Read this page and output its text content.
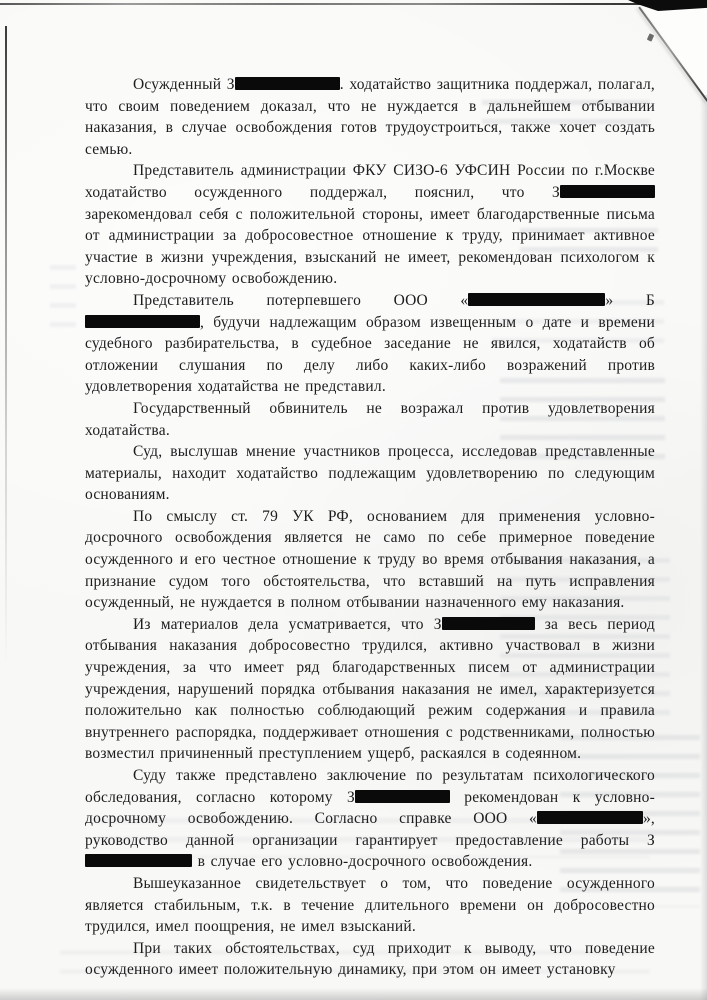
Осужденный З	. ходатайство защитника поддержал, полагал, что своим поведением доказал, что не нуждается в дальнейшем отбывании наказания, в случае освобождения готов трудоустроиться, также хочет создать семью.

Представитель администрации ФКУ СИЗО-6 УФСИН России по г.Москве ходатайство осужденного поддержал, пояснил, что З зарекомендовал себя с положительной стороны, имеет благодарственные письма от администрации за добросовестное отношение к труду, принимает активное участие в жизни учреждения, взысканий не имеет, рекомендован психологом к условно-досрочному освобождению.

Представитель потерпевшего ООО «	» Б, будучи надлежащим образом извещенным о дате и времени судебного разбирательства, в судебное заседание не явился, ходатайств об отложении слушания по делу либо каких-либо возражений против удовлетворения ходатайства не представил.

Государственный обвинитель не возражал против удовлетворения ходатайства.

Суд, выслушав мнение участников процесса, исследовав представленные материалы, находит ходатайство подлежащим удовлетворению по следующим основаниям.

По смыслу ст. 79 УК РФ, основанием для применения условно-досрочного освобождения является не само по себе примерное поведение осужденного и его честное отношение к труду во время отбывания наказания, а признание судом того обстоятельства, что вставший на путь исправления осужденный, не нуждается в полном отбывании назначенного ему наказания.

Из материалов дела усматривается, что З	за весь период отбывания наказания добросовестно трудился, активно участвовал в жизни учреждения, за что имеет ряд благодарственных писем от администрации учреждения, нарушений порядка отбывания наказания не имел, характеризуется положительно как полностью соблюдающий режим содержания и правила внутреннего распорядка, поддерживает отношения с родственниками, полностью возместил причиненный преступлением ущерб, раскаялся в содеянном.

Суду также представлено заключение по результатам психологического обследования, согласно которому З	рекомендован к условно-досрочному освобождению. Согласно справке ООО «	», руководство данной организации гарантирует предоставление работы З в случае его условно-досрочного освобождения.

Вышеуказанное свидетельствует о том, что поведение осужденного является стабильным, т.к. в течение длительного времени он добросовестно трудился, имел поощрения, не имел взысканий.

При таких обстоятельствах, суд приходит к выводу, что поведение осужденного имеет положительную динамику, при этом он имеет установку
